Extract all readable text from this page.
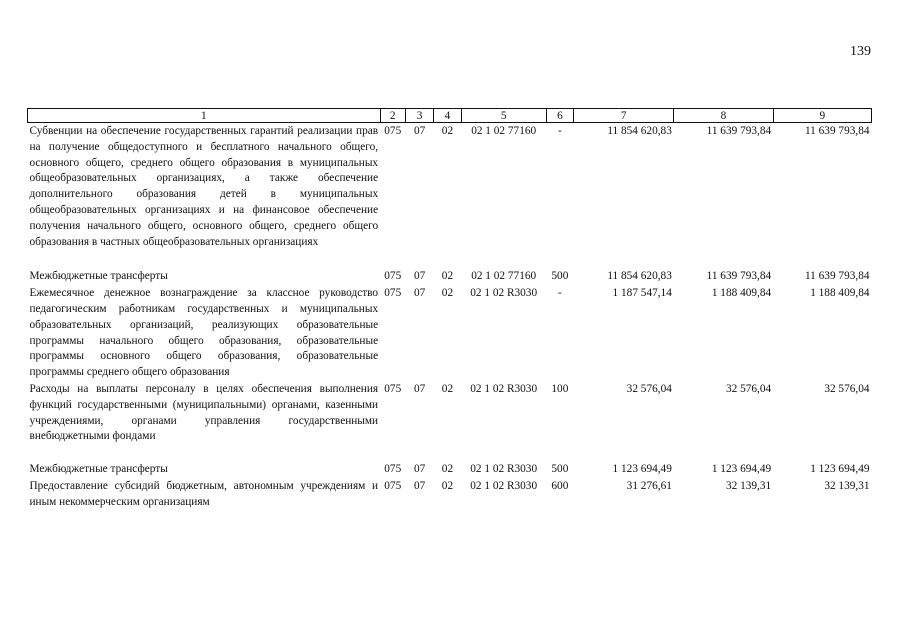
139
1	2	3	4	5	6	7	8	9
Субвенции на обеспечение государственных гарантий реализации прав на получение общедоступного и бесплатного начального общего, основного общего, среднего общего образования в муниципальных общеобразовательных организациях, а также обеспечение дополнительного образования детей в муниципальных общеобразовательных организациях и на финансовое обеспечение получения начального общего, основного общего, среднего общего образования в частных общеобразовательных организациях	075	07	02	02 1 02 77160	-	11 854 620,83	11 639 793,84	11 639 793,84

Межбюджетные трансферты	075	07	02	02 1 02 77160	500	11 854 620,83	11 639 793,84	11 639 793,84
Ежемесячное денежное вознаграждение за классное руководство педагогическим работникам государственных и муниципальных образовательных организаций, реализующих образовательные программы начального общего образования, образовательные программы основного общего образования, образовательные программы среднего общего образования	075	07	02	02 1 02 R3030	-	1 187 547,14	1 188 409,84	1 188 409,84
Расходы на выплаты персоналу в целях обеспечения выполнения функций государственными (муниципальными) органами, казенными учреждениями, органами управления государственными внебюджетными фондами	075	07	02	02 1 02 R3030	100	32 576,04	32 576,04	32 576,04

Межбюджетные трансферты	075	07	02	02 1 02 R3030	500	1 123 694,49	1 123 694,49	1 123 694,49
Предоставление субсидий бюджетным, автономным учреждениям и иным некоммерческим организациям	075	07	02	02 1 02 R3030	600	31 276,61	32 139,31	32 139,31
